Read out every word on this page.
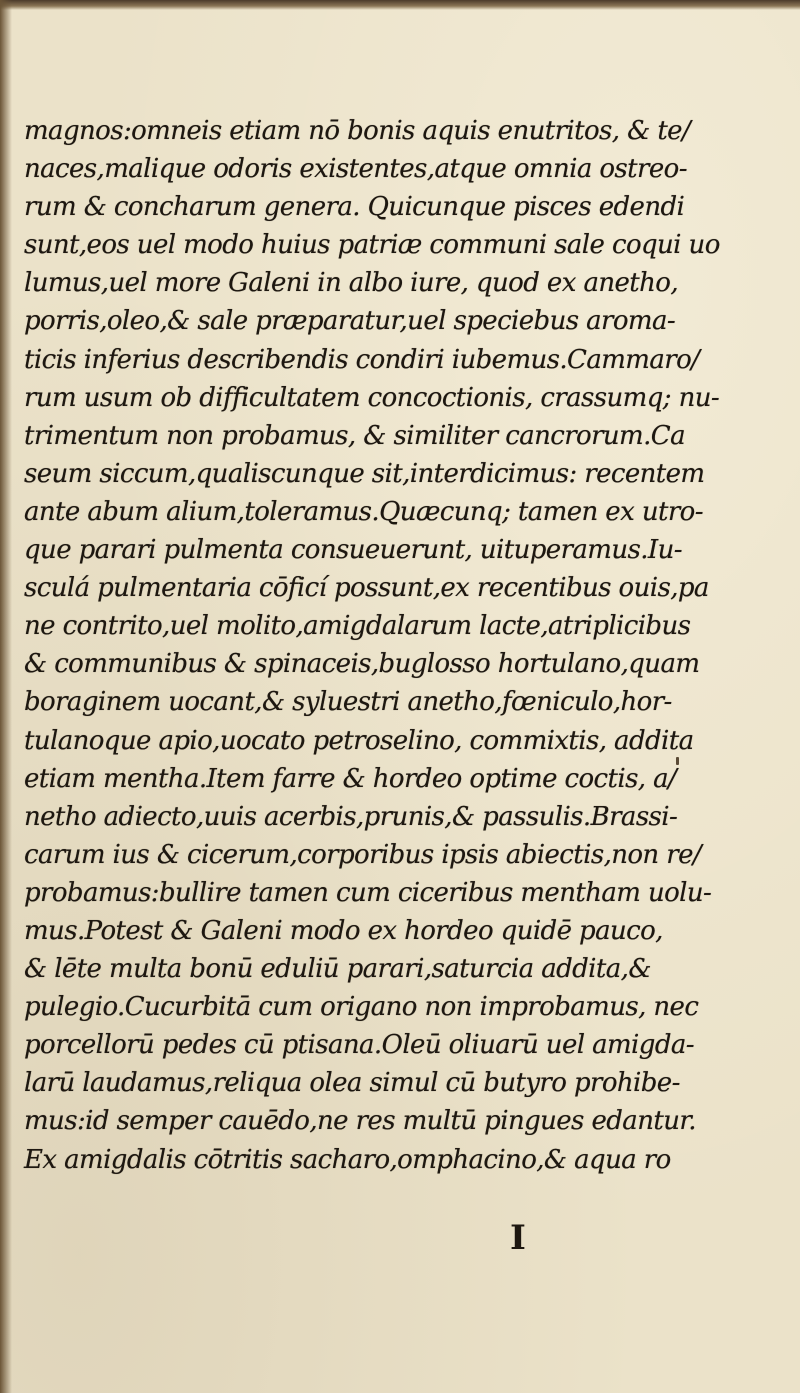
magnos:omneis etiam nō bonis aquis enutritos, & te/
naces,malique odoris existentes,atque omnia ostreo-
rum & concharum genera. Quicunque pisces edendi
sunt,eos uel modo huius patriæ communi sale coqui uo
lumus,uel more Galeni in albo iure, quod ex anetho,
porris,oleo,& sale præparatur,uel speciebus aroma-
ticis inferius describendis condiri iubemus.Cammaro/
rum usum ob difficultatem concoctionis, crassumq; nu-
trimentum non probamus, & similiter cancrorum.Ca
seum siccum,qualiscunque sit,interdicimus: recentem
ante abum alium,toleramus.Quæcunq; tamen ex utro-
que parari pulmenta consueuerunt, uituperamus.Iu-
sculá pulmentaria cōficí possunt,ex recentibus ouis,pa
ne contrito,uel molito,amigdalarum lacte,atriplicibus
& communibus & spinaceis,buglosso hortulano,quam
boraginem uocant,& syluestri anetho,fœniculo,hor-
tulanoque apio,uocato petroselino, commixtis, addita
etiam mentha.Item farre & hordeo optime coctis, a/
netho adiecto,uuis acerbis,prunis,& passulis.Brassi-
carum ius & cicerum,corporibus ipsis abiectis,non re/
probamus:bullire tamen cum ciceribus mentham uolu-
mus.Potest & Galeni modo ex hordeo quidē pauco,
& lēte multa bonū eduliū parari,saturcia addita,&
pulegio.Cucurbitā cum origano non improbamus, nec
porcellorū pedes cū ptisana.Oleū oliuarū uel amigda-
larū laudamus,reliqua olea simul cū butyro prohibe-
mus:id semper cauēdo,ne res multū pingues edantur.
Ex amigdalis cōtritis sacharo,omphacino,& aqua ro
I
